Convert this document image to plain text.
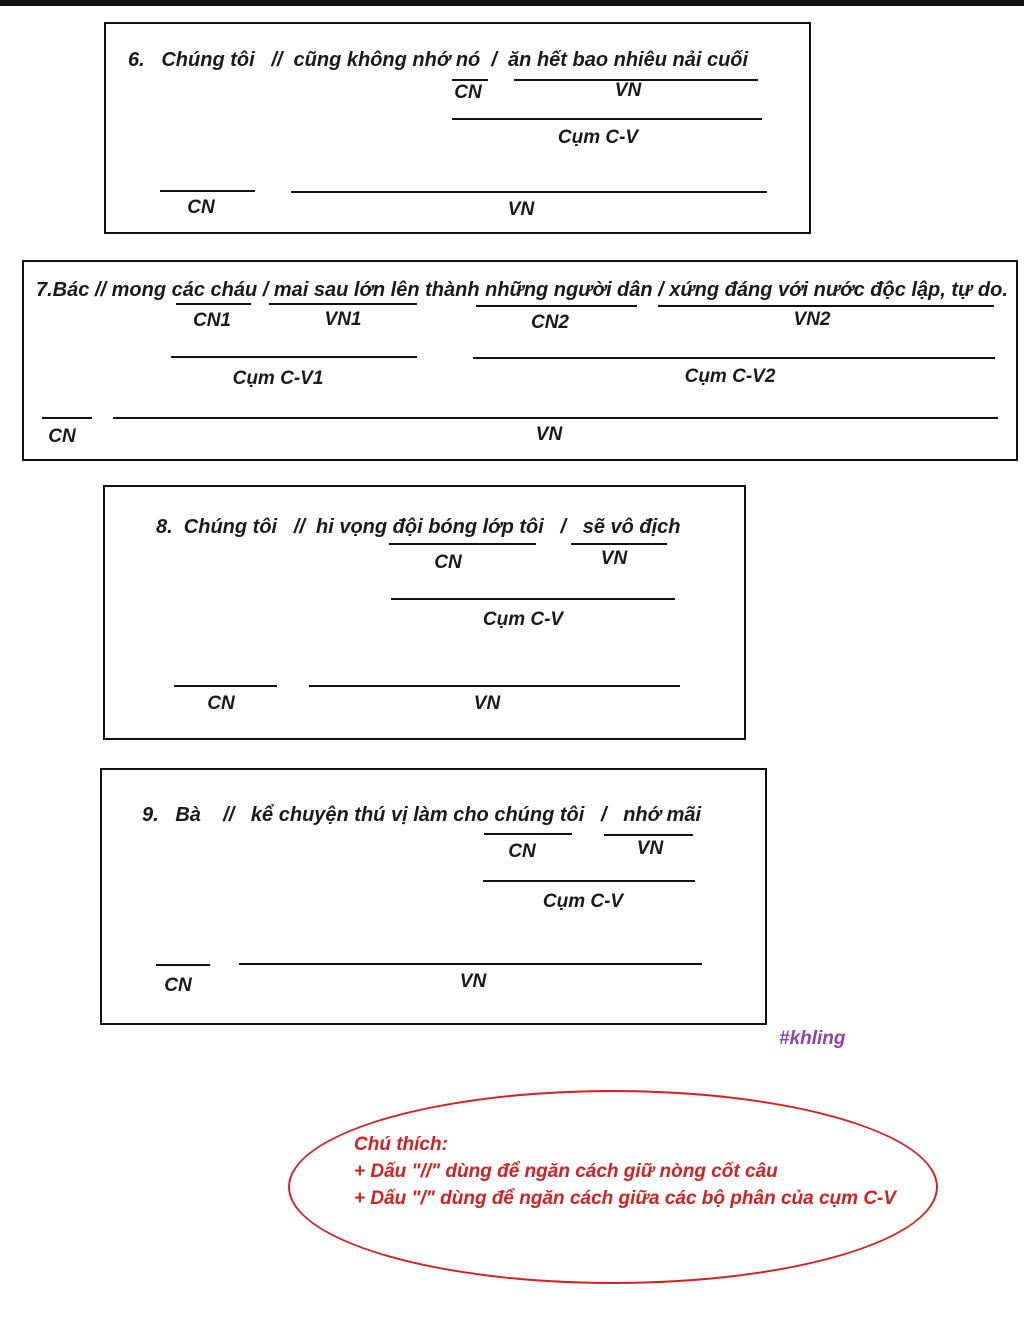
6.   Chúng tôi   //  cũng không nhớ nó  /  ăn hết bao nhiêu nải cuối
CN	VN
Cụm C-V
CN	VN
7.Bác // mong các cháu / mai sau lớn lên thành những người dân / xứng đáng với nước độc lập, tự do.
CN1	VN1	CN2	VN2
Cụm C-V1	Cụm C-V2
CN	VN
8.  Chúng tôi   //  hi vọng đội bóng lớp tôi   /   sẽ vô địch
CN	VN
Cụm C-V
CN	VN
9.   Bà    //   kể chuyện thú vị làm cho chúng tôi   /   nhớ mãi
CN	VN
Cụm C-V
CN	VN
#khling
Chú thích:
+ Dấu "//" dùng để ngăn cách giữ nòng cốt câu
+ Dấu "/" dùng để ngăn cách giữa các bộ phân của cụm C-V
